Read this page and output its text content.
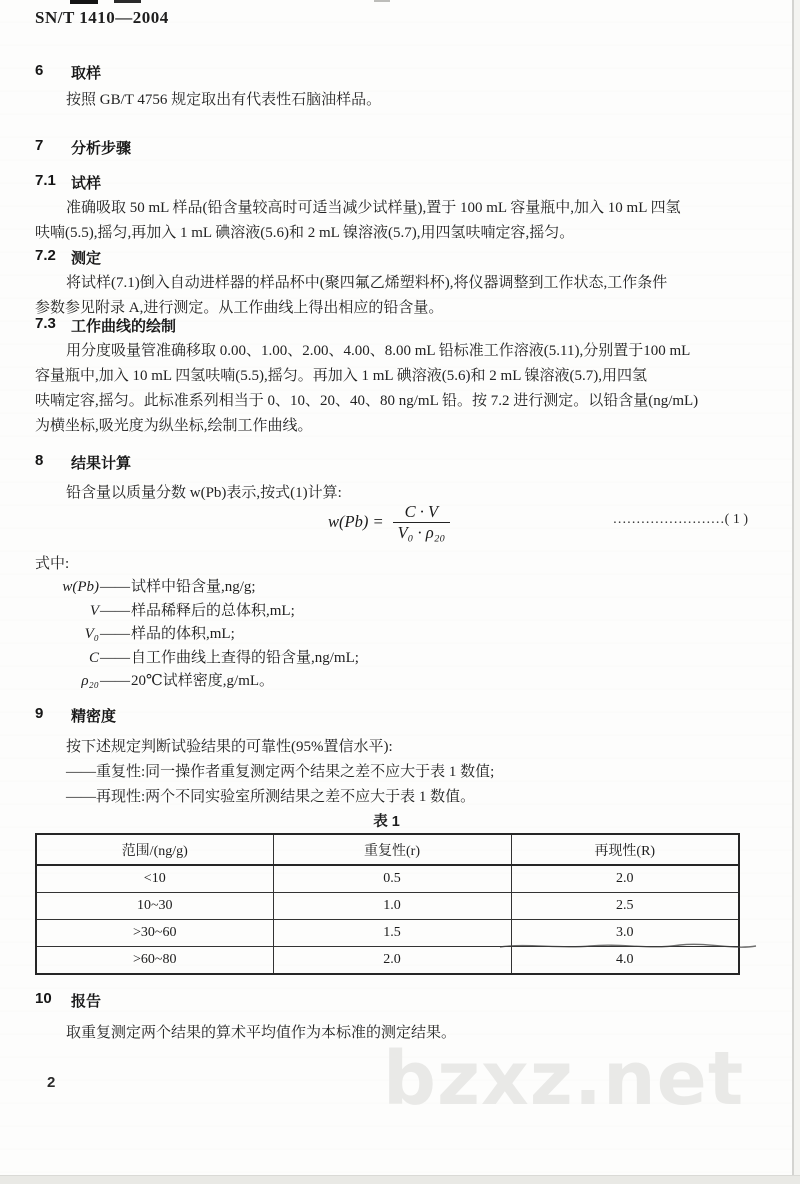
bzxz.net
SN/T 1410—2004
6	取样
按照 GB/T 4756 规定取出有代表性石脑油样品。
7	分析步骤
7.1 试样
准确吸取 50 mL 样品(铅含量较高时可适当减少试样量),置于 100 mL 容量瓶中,加入 10 mL 四氢
呋喃(5.5),摇匀,再加入 1 mL 碘溶液(5.6)和 2 mL 镍溶液(5.7),用四氢呋喃定容,摇匀。
7.2 测定
将试样(7.1)倒入自动进样器的样品杯中(聚四氟乙烯塑料杯),将仪器调整到工作状态,工作条件
参数参见附录 A,进行测定。从工作曲线上得出相应的铅含量。
7.3 工作曲线的绘制
用分度吸量管准确移取 0.00、1.00、2.00、4.00、8.00 mL 铅标准工作溶液(5.11),分别置于100 mL
容量瓶中,加入 10 mL 四氢呋喃(5.5),摇匀。再加入 1 mL 碘溶液(5.6)和 2 mL 镍溶液(5.7),用四氢
呋喃定容,摇匀。此标准系列相当于 0、10、20、40、80 ng/mL 铅。按 7.2 进行测定。以铅含量(ng/mL)
为横坐标,吸光度为纵坐标,绘制工作曲线。
8	结果计算
铅含量以质量分数 w(Pb)表示,按式(1)计算:
$w(Pb) = \frac{C \cdot V}{\text{V₀ · ρ₂₀}}$	……………………( 1 )
式中:
w(Pb)——试样中铅含量,ng/g;
V——样品稀释后的总体积,mL;
V₀——样品的体积,mL;
C——自工作曲线上查得的铅含量,ng/mL;
ρ₂₀——20℃试样密度,g/mL。
9	精密度
按下述规定判断试验结果的可靠性(95%置信水平):
——重复性:同一操作者重复测定两个结果之差不应大于表 1 数值;
——再现性:两个不同实验室所测结果之差不应大于表 1 数值。
表 1
范围/(ng/g)	重复性(r)	再现性(R)
<10	0.5	2.0
10~30	1.0	2.5
>30~60	1.5	3.0
>60~80	2.0	4.0
10	报告
取重复测定两个结果的算术平均值作为本标准的测定结果。
2
